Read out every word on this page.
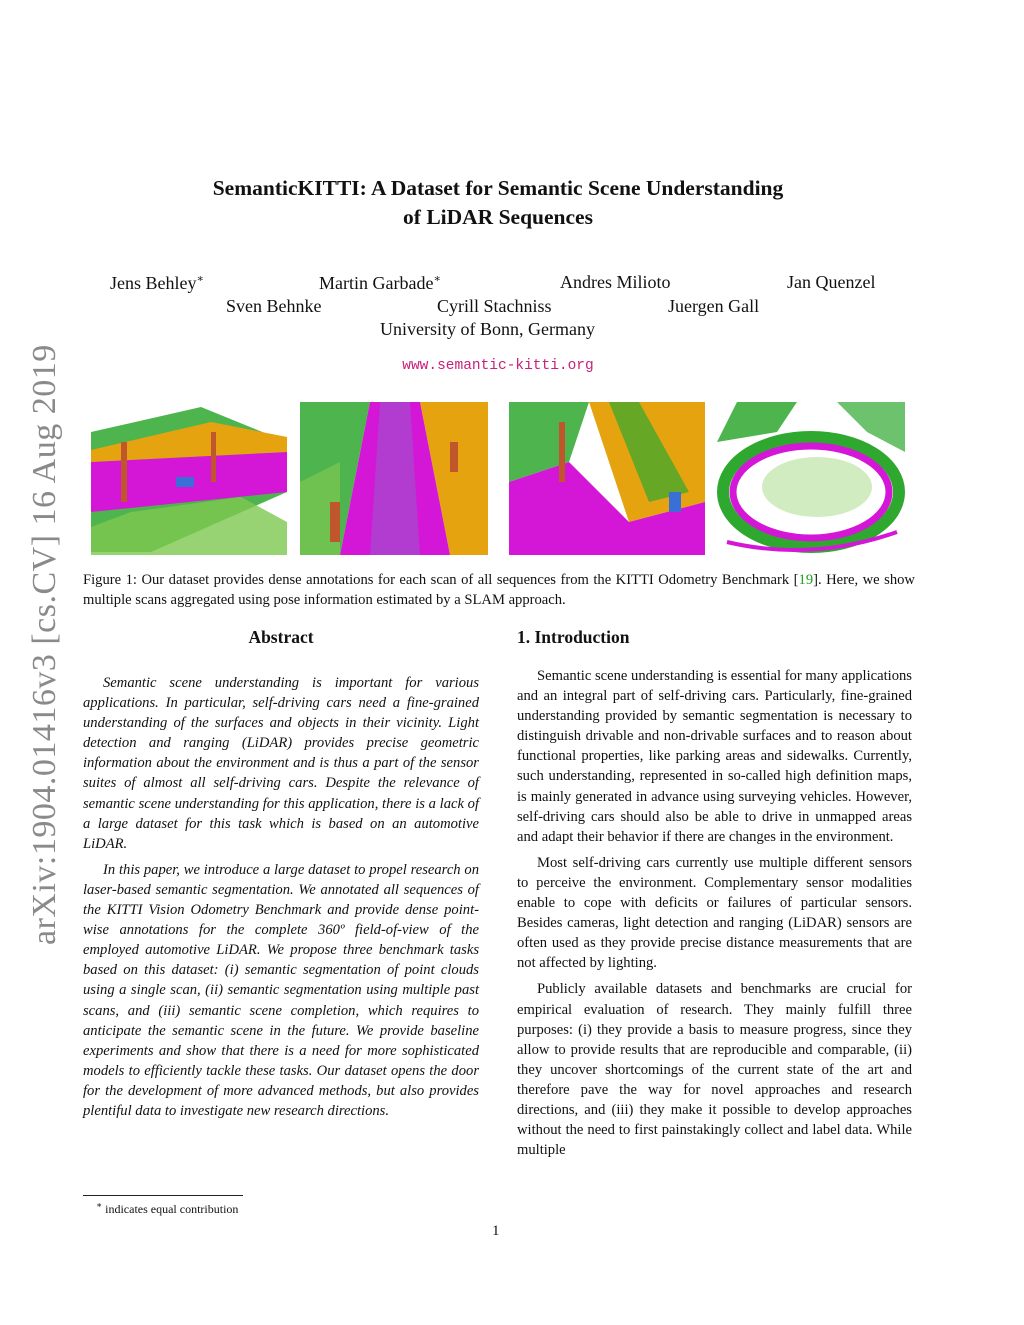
arXiv:1904.01416v3 [cs.CV] 16 Aug 2019
SemanticKITTI: A Dataset for Semantic Scene Understanding
of LiDAR Sequences
Jens Behley∗	Martin Garbade∗	Andres Milioto	Jan Quenzel
Sven Behnke	Cyrill Stachniss	Juergen Gall
University of Bonn, Germany
www.semantic-kitti.org
Figure 1: Our dataset provides dense annotations for each scan of all sequences from the KITTI Odometry Benchmark [19]. Here, we show multiple scans aggregated using pose information estimated by a SLAM approach.
Abstract

Semantic scene understanding is important for various applications. In particular, self-driving cars need a fine-grained understanding of the surfaces and objects in their vicinity. Light detection and ranging (LiDAR) provides precise geometric information about the environment and is thus a part of the sensor suites of almost all self-driving cars. Despite the relevance of semantic scene understanding for this application, there is a lack of a large dataset for this task which is based on an automotive LiDAR.

In this paper, we introduce a large dataset to propel research on laser-based semantic segmentation. We annotated all sequences of the KITTI Vision Odometry Benchmark and provide dense point-wise annotations for the complete 360º field-of-view of the employed automotive LiDAR. We propose three benchmark tasks based on this dataset: (i) semantic segmentation of point clouds using a single scan, (ii) semantic segmentation using multiple past scans, and (iii) semantic scene completion, which requires to anticipate the semantic scene in the future. We provide baseline experiments and show that there is a need for more sophisticated models to efficiently tackle these tasks. Our dataset opens the door for the development of more advanced methods, but also provides plentiful data to investigate new research directions.

1. Introduction

Semantic scene understanding is essential for many applications and an integral part of self-driving cars. Particularly, fine-grained understanding provided by semantic segmentation is necessary to distinguish drivable and non-drivable surfaces and to reason about functional properties, like parking areas and sidewalks. Currently, such understanding, represented in so-called high definition maps, is mainly generated in advance using surveying vehicles. However, self-driving cars should also be able to drive in unmapped areas and adapt their behavior if there are changes in the environment.

Most self-driving cars currently use multiple different sensors to perceive the environment. Complementary sensor modalities enable to cope with deficits or failures of particular sensors. Besides cameras, light detection and ranging (LiDAR) sensors are often used as they provide precise distance measurements that are not affected by lighting.

Publicly available datasets and benchmarks are crucial for empirical evaluation of research. They mainly fulfill three purposes: (i) they provide a basis to measure progress, since they allow to provide results that are reproducible and comparable, (ii) they uncover shortcomings of the current state of the art and therefore pave the way for novel approaches and research directions, and (iii) they make it possible to develop approaches without the need to first painstakingly collect and label data. While multiple

∗ indicates equal contribution
1
